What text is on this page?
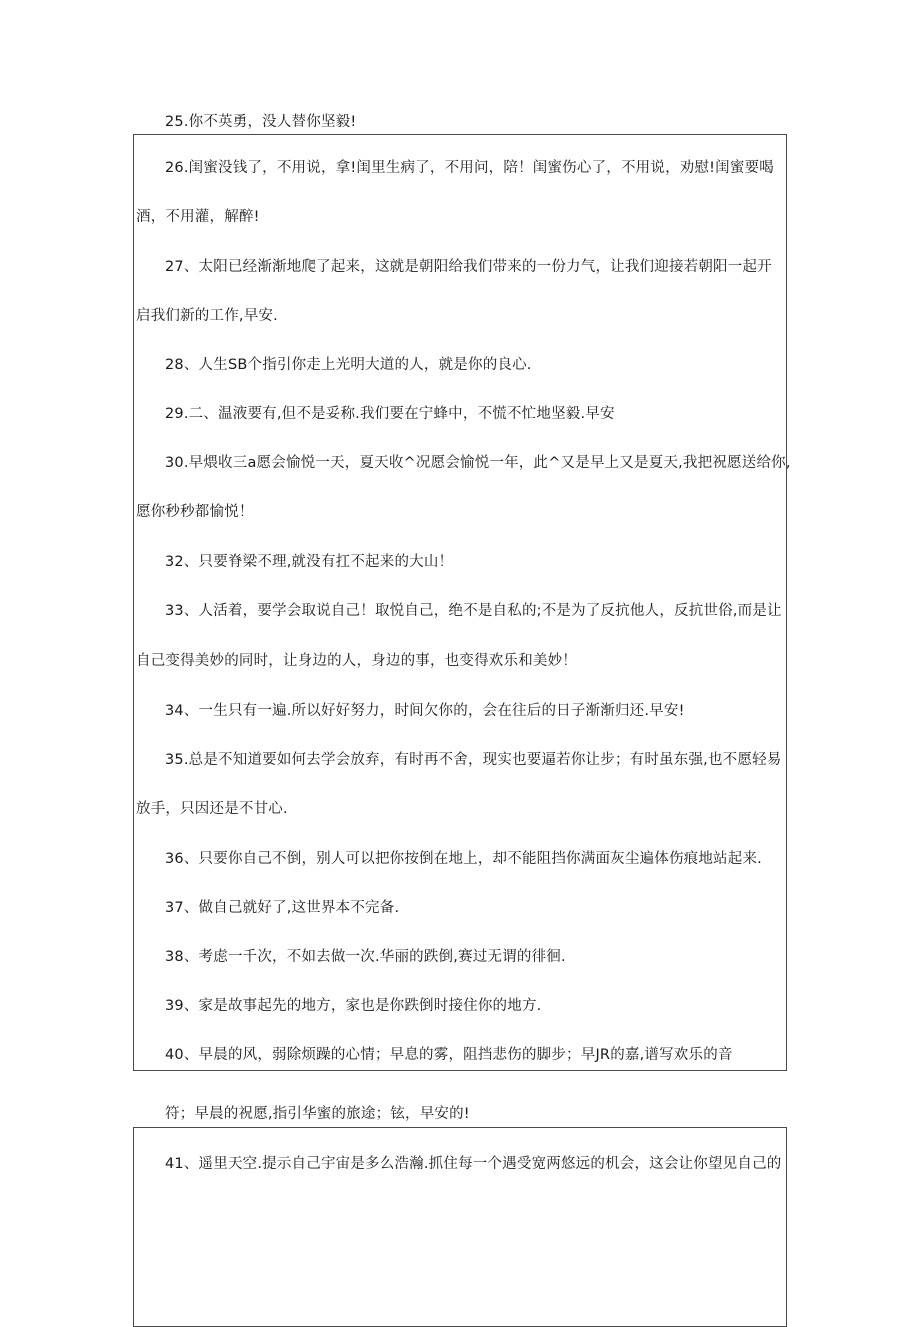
25.你不英勇，没人替你坚毅!

26.闺蜜没钱了，不用说，拿!闺里生病了，不用问，陪！闺蜜伤心了，不用说，劝慰!闺蜜要喝

酒，不用灌，解醉!

27、太阳已经渐渐地爬了起来，这就是朝阳给我们带来的一份力气，让我们迎接若朝阳一起开

启我们新的工作,早安.

28、人生SB个指引你走上光明大道的人，就是你的良心.

29.二、温液要有,但不是妥称.我们要在宁蜂中，不慌不忙地坚毅.早安

30.早煨收三a愿会愉悦一天，夏天收^况愿会愉悦一年，此^又是早上又是夏天,我把祝愿送给你,

愿你秒秒都愉悦！

32、只要脊梁不理,就没有扛不起来的大山！

33、人活着，要学会取说自己！取悦自己，绝不是自私的;不是为了反抗他人，反抗世俗,而是让

自己变得美妙的同时，让身边的人，身边的事，也变得欢乐和美妙！

34、一生只有一遍.所以好好努力，时间欠你的，会在往后的日子渐渐归还.早安!

35.总是不知道要如何去学会放弃，有时再不舍，现实也要逼若你让步；有时虽东强,也不愿轻易

放手，只因还是不甘心.

36、只要你自己不倒，别人可以把你按倒在地上，却不能阻挡你满面灰尘遍体伤痕地站起来.

37、做自己就好了,这世界本不完备.

38、考虑一千次，不如去做一次.华丽的跌倒,赛过无谓的徘徊.

39、家是故事起先的地方，家也是你跌倒时接住你的地方.

40、早晨的风，弱除烦躁的心情；早息的雾，阻挡悲伤的脚步；早JR的嘉,谱写欢乐的音

符；早晨的祝愿,指引华蜜的旅途；铉，早安的!

41、遥里天空.提示自己宇宙是多么浩瀚.抓住每一个遇受宽两悠远的机会，这会让你望见自己的
